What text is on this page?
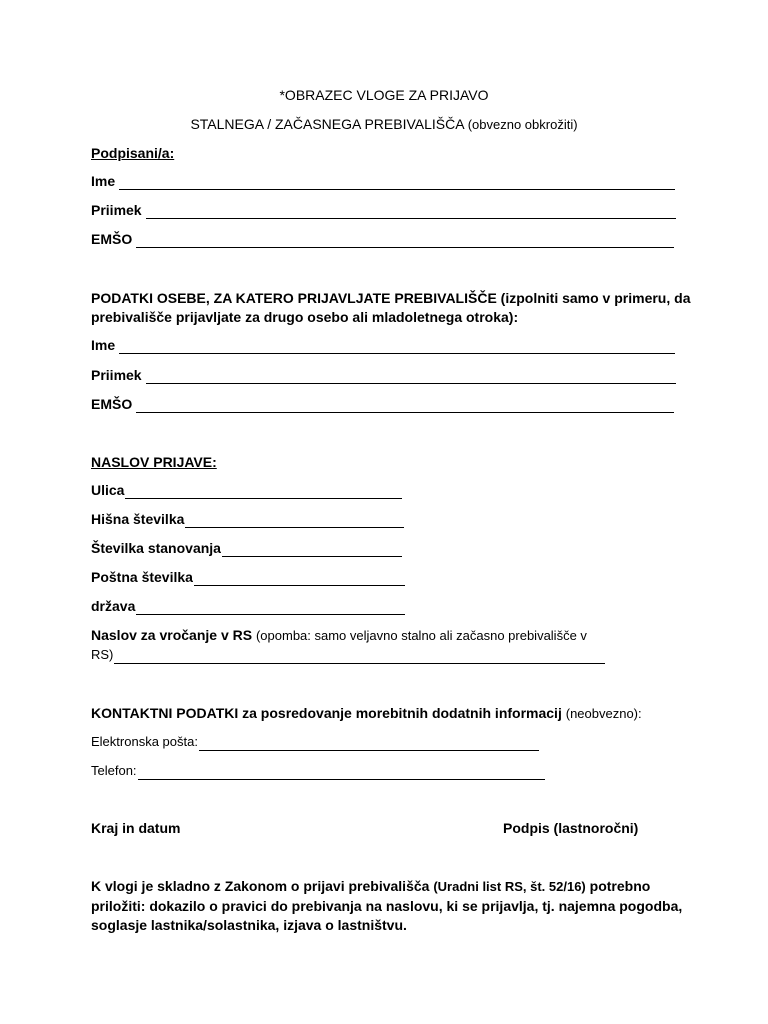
*OBRAZEC VLOGE ZA PRIJAVO
STALNEGA / ZAČASNEGA PREBIVALIŠČA (obvezno obkrožiti)
Podpisani/a:
Ime
Priimek
EMŠO
PODATKI OSEBE, ZA KATERO PRIJAVLJATE PREBIVALIŠČE (izpolniti samo v primeru, da
prebivališče prijavljate za drugo osebo ali mladoletnega otroka):
Ime
Priimek
EMŠO
NASLOV PRIJAVE:
Ulica
Hišna številka
Številka stanovanja
Poštna številka
država
Naslov za vročanje v RS (opomba: samo veljavno stalno ali začasno prebivališče v
RS)
KONTAKTNI PODATKI za posredovanje morebitnih dodatnih informacij (neobvezno):
Elektronska pošta:
Telefon:
Kraj in datum	Podpis (lastnoročni)
K vlogi je skladno z Zakonom o prijavi prebivališča (Uradni list RS, št. 52/16) potrebno
priložiti: dokazilo o pravici do prebivanja na naslovu, ki se prijavlja, tj. najemna pogodba,
soglasje lastnika/solastnika, izjava o lastništvu.
